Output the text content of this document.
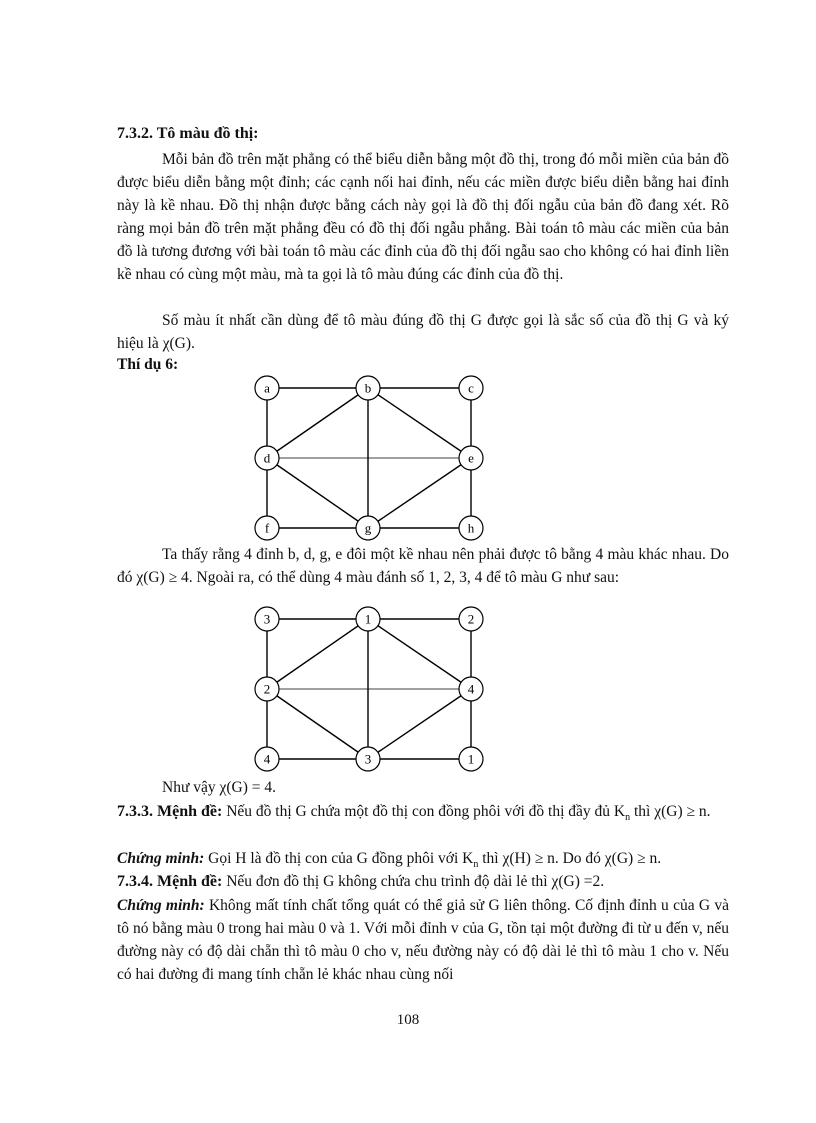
7.3.2. Tô màu đồ thị:

Mỗi bản đồ trên mặt phẳng có thể biểu diễn bằng một đồ thị, trong đó mỗi miền của bản đồ được biểu diễn bằng một đỉnh; các cạnh nối hai đỉnh, nếu các miền được biểu diễn bằng hai đỉnh này là kề nhau. Đồ thị nhận được bằng cách này gọi là đồ thị đối ngẫu của bản đồ đang xét. Rõ ràng mọi bản đồ trên mặt phẳng đều có đồ thị đối ngẫu phẳng. Bài toán tô màu các miền của bản đồ là tương đương với bài toán tô màu các đỉnh của đồ thị đối ngẫu sao cho không có hai đỉnh liền kề nhau có cùng một màu, mà ta gọi là tô màu đúng các đỉnh của đồ thị.

Số màu ít nhất cần dùng để tô màu đúng đồ thị G được gọi là sắc số của đồ thị G và ký hiệu là χ(G).

Thí dụ 6:
a	b	c
d	e
f	g	h

Ta thấy rằng 4 đỉnh b, d, g, e đôi một kề nhau nên phải được tô bằng 4 màu khác nhau. Do đó χ(G) ≥ 4. Ngoài ra, có thể dùng 4 màu đánh số 1, 2, 3, 4 để tô màu G như sau:

3	1	2
2	4
4	3	1

Như vậy χ(G) = 4.

7.3.3. Mệnh đề: Nếu đồ thị G chứa một đồ thị con đồng phôi với đồ thị đầy đủ $K_n$ thì χ(G) ≥ n.

Chứng minh: Gọi H là đồ thị con của G đồng phôi với $K_n$ thì χ(H) ≥ n. Do đó χ(G) ≥ n.

7.3.4. Mệnh đề: Nếu đơn đồ thị G không chứa chu trình độ dài lẻ thì χ(G) =2.

Chứng minh: Không mất tính chất tổng quát có thể giả sử G liên thông. Cố định đỉnh u của G và tô nó bằng màu 0 trong hai màu 0 và 1. Với mỗi đỉnh v của G, tồn tại một đường đi từ u đến v, nếu đường này có độ dài chẵn thì tô màu 0 cho v, nếu đường này có độ dài lẻ thì tô màu 1 cho v. Nếu có hai đường đi mang tính chẵn lẻ khác nhau cùng nối

108
